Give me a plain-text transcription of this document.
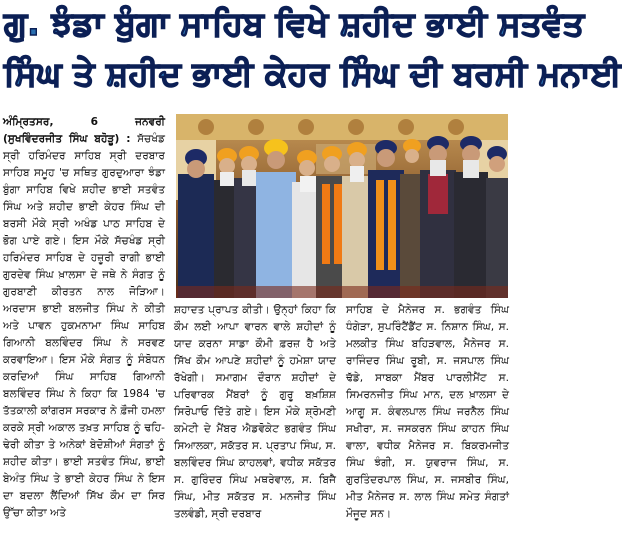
ਗੁ. ਝੰਡਾ ਬੁੰਗਾ ਸਾਹਿਬ ਵਿਖੇ ਸ਼ਹੀਦ ਭਾਈ ਸਤਵੰਤ
ਸਿੰਘ ਤੇ ਸ਼ਹੀਦ ਭਾਈ ਕੇਹਰ ਸਿੰਘ ਦੀ ਬਰਸੀ ਮਨਾਈ
ਅੰਮ੍ਰਿਤਸਰ,	6	ਜਨਵਰੀ

(ਸੁਖਵਿੰਦਰਜੀਤ ਸਿੰਘ ਬਹੋੜੂ) : ਸੱਚਖੰਡ ਸ੍ਰੀ ਹਰਿਮੰਦਰ ਸਾਹਿਬ ਸ੍ਰੀ ਦਰਬਾਰ ਸਾਹਿਬ ਸਮੂਹ 'ਚ ਸਥਿਤ ਗੁਰਦੁਆਰਾ ਝੰਡਾ ਬੁੰਗਾ ਸਾਹਿਬ ਵਿਖੇ ਸ਼ਹੀਦ ਭਾਈ ਸਤਵੰਤ ਸਿੰਘ ਅਤੇ ਸ਼ਹੀਦ ਭਾਈ ਕੇਹਰ ਸਿੰਘ ਦੀ ਬਰਸੀ ਮੌਕੇ ਸ੍ਰੀ ਅਖੰਡ ਪਾਠ ਸਾਹਿਬ ਦੇ ਭੋਗ ਪਾਏ ਗਏ। ਇਸ ਮੌਕੇ ਸੱਚਖੰਡ ਸ੍ਰੀ ਹਰਿਮੰਦਰ ਸਾਹਿਬ ਦੇ ਹਜ਼ੂਰੀ ਰਾਗੀ ਭਾਈ ਗੁਰਦੇਵ ਸਿੰਘ ਖ਼ਾਲਸਾ ਦੇ ਜਥੇ ਨੇ ਸੰਗਤ ਨੂੰ ਗੁਰਬਾਣੀ ਕੀਰਤਨ ਨਾਲ ਜੋੜਿਆ। ਅਰਦਾਸ ਭਾਈ ਬਲਜੀਤ ਸਿੰਘ ਨੇ ਕੀਤੀ ਅਤੇ ਪਾਵਨ ਹੁਕਮਨਾਮਾ ਸਿੰਘ ਸਾਹਿਬ ਗਿਆਨੀ ਬਲਵਿੰਦਰ ਸਿੰਘ ਨੇ ਸਰਵਣ ਕਰਵਾਇਆ। ਇਸ ਮੌਕੇ ਸੰਗਤ ਨੂੰ ਸੰਬੋਧਨ ਕਰਦਿਆਂ ਸਿੰਘ ਸਾਹਿਬ ਗਿਆਨੀ ਬਲਵਿੰਦਰ ਸਿੰਘ ਨੇ ਕਿਹਾ ਕਿ 1984 'ਚ ਤੱਤਕਾਲੀ ਕਾਂਗਰਸ ਸਰਕਾਰ ਨੇ ਫ਼ੌਜੀ ਹਮਲਾ ਕਰਕੇ ਸ੍ਰੀ ਅਕਾਲ ਤਖ਼ਤ ਸਾਹਿਬ ਨੂੰ ਢਹਿ-ਢੇਰੀ ਕੀਤਾ ਤੇ ਅਨੇਕਾਂ ਬੇਦੋਸ਼ੀਆਂ ਸੰਗਤਾਂ ਨੂੰ ਸ਼ਹੀਦ ਕੀਤਾ। ਭਾਈ ਸਤਵੰਤ ਸਿੰਘ, ਭਾਈ ਬੇਅੰਤ ਸਿੰਘ ਤੇ ਭਾਈ ਕੇਹਰ ਸਿੰਘ ਨੇ ਇਸ ਦਾ ਬਦਲਾ ਲੈਂਦਿਆਂ ਸਿੱਖ ਕੌਮ ਦਾ ਸਿਰ ਉੱਚਾ ਕੀਤਾ ਅਤੇ

ਸ਼ਹਾਦਤ ਪ੍ਰਾਪਤ ਕੀਤੀ। ਉਨ੍ਹਾਂ ਕਿਹਾ ਕਿ ਕੌਮ ਲਈ ਆਪਾ ਵਾਰਨ ਵਾਲੇ ਸ਼ਹੀਦਾਂ ਨੂੰ ਯਾਦ ਕਰਨਾ ਸਾਡਾ ਕੌਮੀ ਫ਼ਰਜ਼ ਹੈ ਅਤੇ ਸਿੱਖ ਕੌਮ ਆਪਣੇ ਸ਼ਹੀਦਾਂ ਨੂੰ ਹਮੇਸ਼ਾ ਯਾਦ ਰੱਖੇਗੀ। ਸਮਾਗਮ ਦੌਰਾਨ ਸ਼ਹੀਦਾਂ ਦੇ ਪਰਿਵਾਰਕ ਮੈਂਬਰਾਂ ਨੂੰ ਗੁਰੂ ਬਖ਼ਸ਼ਿਸ਼ ਸਿਰੋਪਾਓ ਦਿੱਤੇ ਗਏ। ਇਸ ਮੌਕੇ ਸ਼੍ਰੋਮਣੀ ਕਮੇਟੀ ਦੇ ਮੈਂਬਰ ਐਡਵੋਕੇਟ ਭਗਵੰਤ ਸਿੰਘ ਸਿਆਲਕਾ, ਸਕੱਤਰ ਸ. ਪ੍ਰਤਾਪ ਸਿੰਘ, ਸ. ਬਲਵਿੰਦਰ ਸਿੰਘ ਕਾਹਲਵਾਂ, ਵਧੀਕ ਸਕੱਤਰ ਸ. ਗੁਰਿੰਦਰ ਸਿੰਘ ਮਥਰੇਵਾਲ, ਸ. ਬਿਜੈ ਸਿੰਘ, ਮੀਤ ਸਕੱਤਰ ਸ. ਮਨਜੀਤ ਸਿੰਘ ਤਲਵੰਡੀ, ਸ੍ਰੀ ਦਰਬਾਰ

ਸਾਹਿਬ ਦੇ ਮੈਨੇਜਰ ਸ. ਭਗਵੰਤ ਸਿੰਘ ਧੰਗੇੜਾ, ਸੁਪਰਿੰਟੈਂਡੈਂਟ ਸ. ਨਿਸ਼ਾਨ ਸਿੰਘ, ਸ. ਮਲਕੀਤ ਸਿੰਘ ਬਹਿੜਵਾਲ, ਮੈਨੇਜਰ ਸ. ਰਾਜਿੰਦਰ ਸਿੰਘ ਰੂਬੀ, ਸ. ਜਸਪਾਲ ਸਿੰਘ ਢੱਡੇ, ਸਾਬਕਾ ਮੈਂਬਰ ਪਾਰਲੀਮੈਂਟ ਸ. ਸਿਮਰਨਜੀਤ ਸਿੰਘ ਮਾਨ, ਦਲ ਖ਼ਾਲਸਾ ਦੇ ਆਗੂ ਸ. ਕੰਵਲਪਾਲ ਸਿੰਘ ਜਰਨੈਲ ਸਿੰਘ ਸਖੀਰਾ, ਸ. ਜਸਕਰਨ ਸਿੰਘ ਕਾਹਨ ਸਿੰਘ ਵਾਲਾ, ਵਧੀਕ ਮੈਨੇਜਰ ਸ. ਬਿਕਰਮਜੀਤ ਸਿੰਘ ਝੰਗੀ, ਸ. ਯੁਵਰਾਜ ਸਿੰਘ, ਸ. ਗੁਰਤਿੰਦਰਪਾਲ ਸਿੰਘ, ਸ. ਜਸਬੀਰ ਸਿੰਘ, ਮੀਤ ਮੈਨੇਜਰ ਸ. ਲਾਲ ਸਿੰਘ ਸਮੇਤ ਸੰਗਤਾਂ ਮੌਜੂਦ ਸਨ।
